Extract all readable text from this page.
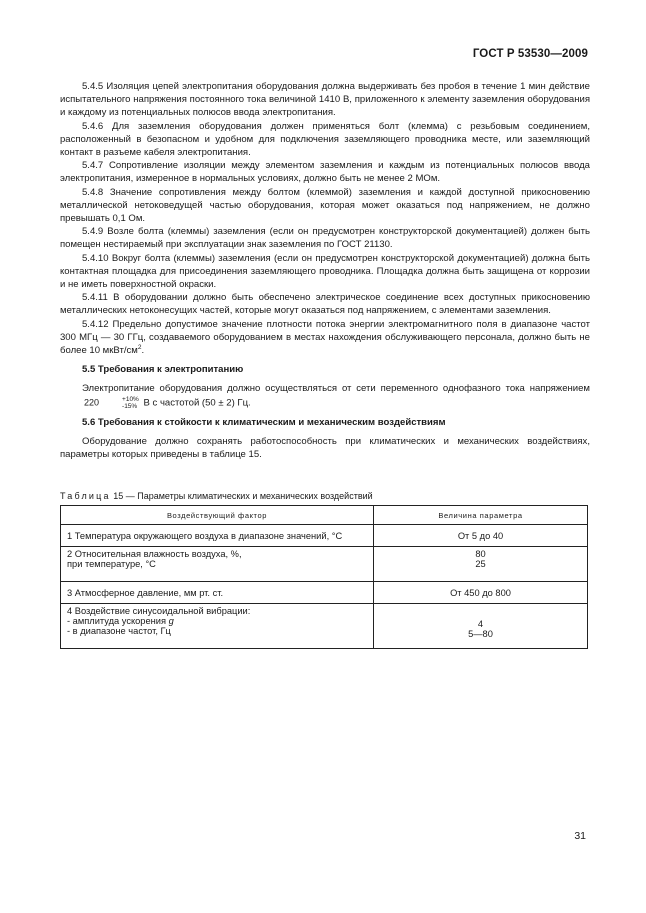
ГОСТ Р 53530—2009

5.4.5 Изоляция цепей электропитания оборудования должна выдерживать без пробоя в течение 1 мин действие испытательного напряжения постоянного тока величиной 1410 В, приложенного к элементу заземления оборудования и каждому из потенциальных полюсов ввода электропитания.

5.4.6 Для заземления оборудования должен применяться болт (клемма) с резьбовым соединением, расположенный в безопасном и удобном для подключения заземляющего проводника месте, или заземляющий контакт в разъеме кабеля электропитания.

5.4.7 Сопротивление изоляции между элементом заземления и каждым из потенциальных полюсов ввода электропитания, измеренное в нормальных условиях, должно быть не менее 2 МОм.

5.4.8 Значение сопротивления между болтом (клеммой) заземления и каждой доступной прикосновению металлической нетоковедущей частью оборудования, которая может оказаться под напряжением, не должно превышать 0,1 Ом.

5.4.9 Возле болта (клеммы) заземления (если он предусмотрен конструкторской документацией) должен быть помещен нестираемый при эксплуатации знак заземления по ГОСТ 21130.

5.4.10 Вокруг болта (клеммы) заземления (если он предусмотрен конструкторской документацией) должна быть контактная площадка для присоединения заземляющего проводника. Площадка должна быть защищена от коррозии и не иметь поверхностной окраски.

5.4.11 В оборудовании должно быть обеспечено электрическое соединение всех доступных прикосновению металлических нетоконесущих частей, которые могут оказаться под напряжением, с элементами заземления.

5.4.12 Предельно допустимое значение плотности потока энергии электромагнитного поля в диапазоне частот 300 МГц — 30 ГГц, создаваемого оборудованием в местах нахождения обслуживающего персонала, должно быть не более 10 мкВт/$см^2$.

5.5 Требования к электропитанию

Электропитание оборудования должно осуществляться от сети переменного однофазного тока напряжением 220	+10%
-15% В с частотой (50 ± 2) Гц.

5.6 Требования к стойкости к климатическим и механическим воздействиям

Оборудование должно сохранять работоспособность при климатических и механических воздействиях, параметры которых приведены в таблице 15.

Таблица 15 — Параметры климатических и механических воздействий
Воздействующий фактор	Величина параметра

1 Температура окружающего воздуха в диапазоне значений, °С	От 5 до 40

2 Относительная влажность воздуха, %,
при температуре, °С	80
25

3 Атмосферное давление, мм рт. ст.	От 450 до 800

4 Воздействие синусоидальной вибрации:
- амплитуда ускорения g
- в диапазоне частот, Гц	4
5—80
31
